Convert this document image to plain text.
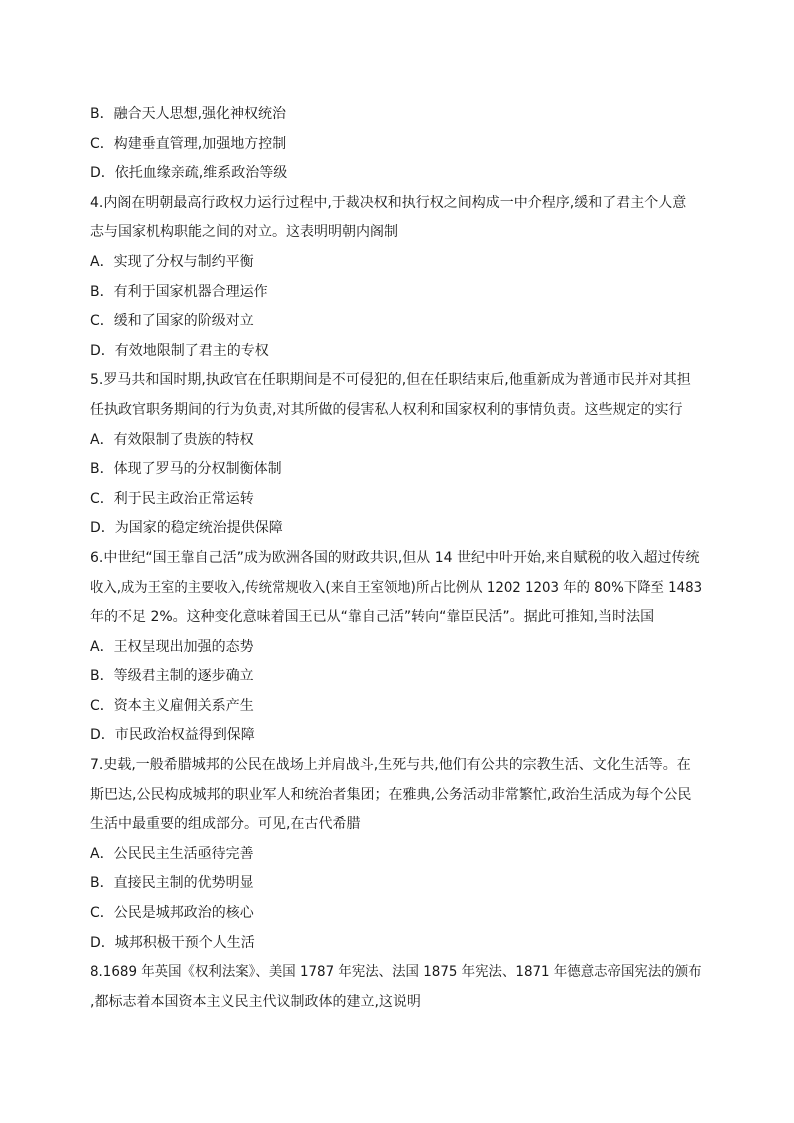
B．融合天人思想,强化神权统治
C．构建垂直管理,加强地方控制
D．依托血缘亲疏,维系政治等级
4.内阁在明朝最高行政权力运行过程中,于裁决权和执行权之间构成一中介程序,缓和了君主个人意
志与国家机构职能之间的对立。这表明明朝内阁制
A．实现了分权与制约平衡
B．有利于国家机器合理运作
C．缓和了国家的阶级对立
D．有效地限制了君主的专权
5.罗马共和国时期,执政官在任职期间是不可侵犯的,但在任职结束后,他重新成为普通市民并对其担
任执政官职务期间的行为负责,对其所做的侵害私人权利和国家权利的事情负责。这些规定的实行
A．有效限制了贵族的特权
B．体现了罗马的分权制衡体制
C．利于民主政治正常运转
D．为国家的稳定统治提供保障
6.中世纪“国王靠自己活”成为欧洲各国的财政共识,但从 14 世纪中叶开始,来自赋税的收入超过传统
收入,成为王室的主要收入,传统常规收入(来自王室领地)所占比例从 1202 1203 年的 80%下降至 1483
年的不足 2%。这种变化意味着国王已从“靠自己活”转向“靠臣民活”。据此可推知,当时法国
A．王权呈现出加强的态势
B．等级君主制的逐步确立
C．资本主义雇佣关系产生
D．市民政治权益得到保障
7.史载,一般希腊城邦的公民在战场上并肩战斗,生死与共,他们有公共的宗教生活、文化生活等。在
斯巴达,公民构成城邦的职业军人和统治者集团；在雅典,公务活动非常繁忙,政治生活成为每个公民
生活中最重要的组成部分。可见,在古代希腊
A．公民民主生活亟待完善
B．直接民主制的优势明显
C．公民是城邦政治的核心
D．城邦积极干预个人生活
8.1689 年英国《权利法案》、美国 1787 年宪法、法国 1875 年宪法、1871 年德意志帝国宪法的颁布
,都标志着本国资本主义民主代议制政体的建立,这说明
